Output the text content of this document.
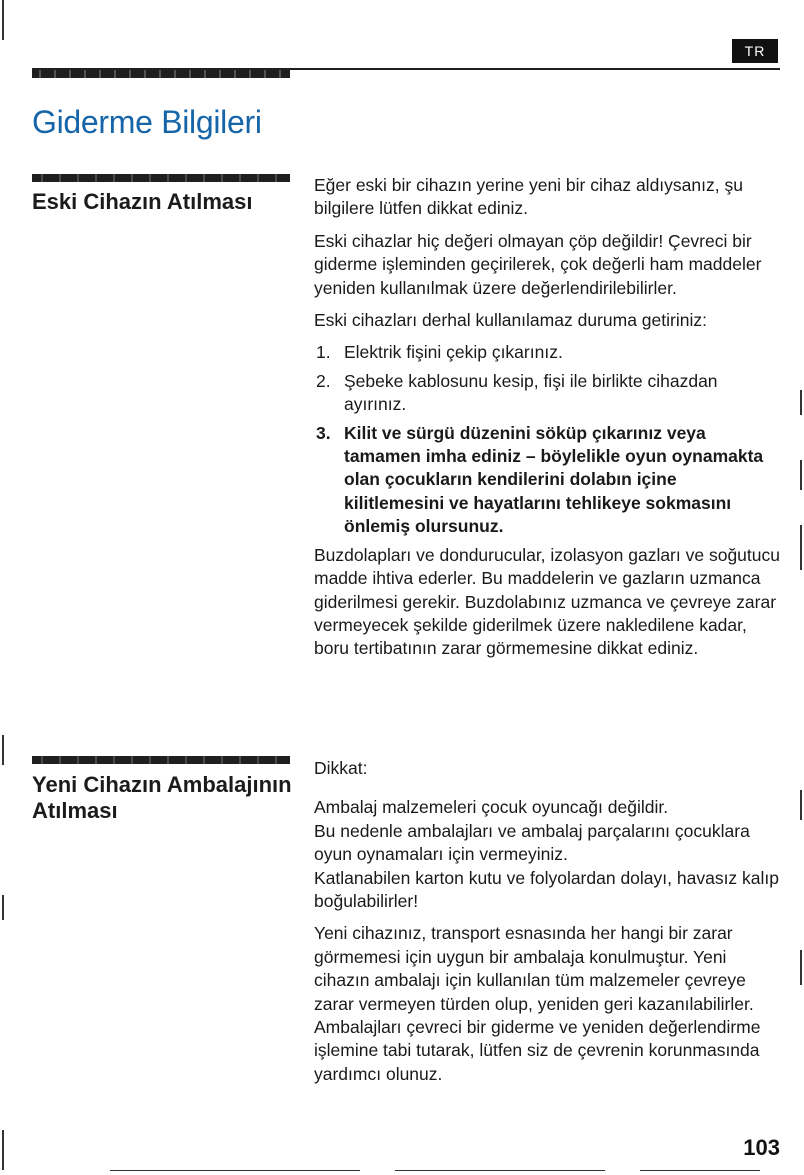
TR
Giderme Bilgileri
Eski Cihazın Atılması

Eğer eski bir cihazın yerine yeni bir cihaz aldıysanız, şu bilgilere lütfen dikkat ediniz.

Eski cihazlar hiç değeri olmayan çöp değildir! Çevreci bir giderme işleminden geçirilerek, çok değerli ham maddeler yeniden kullanılmak üzere değerlendirilebilirler.

Eski cihazları derhal kullanılamaz duruma getiriniz:

1. Elektrik fişini çekip çıkarınız.
2. Şebeke kablosunu kesip, fişi ile birlikte cihazdan ayırınız.
3. Kilit ve sürgü düzenini söküp çıkarınız veya tamamen imha ediniz – böylelikle oyun oynamakta olan çocukların kendilerini dolabın içine kilitlemesini ve hayatlarını tehlikeye sokmasını önlemiş olursunuz.

Buzdolapları ve dondurucular, izolasyon gazları ve soğutucu madde ihtiva ederler. Bu maddelerin ve gazların uzmanca giderilmesi gerekir. Buzdolabınız uzmanca ve çevreye zarar vermeyecek şekilde giderilmek üzere nakledilene kadar, boru tertibatının zarar görmemesine dikkat ediniz.

Yeni Cihazın Ambalajının Atılması

Dikkat:

Ambalaj malzemeleri çocuk oyuncağı değildir.
Bu nedenle ambalajları ve ambalaj parçalarını çocuklara oyun oynamaları için vermeyiniz.
Katlanabilen karton kutu ve folyolardan dolayı, havasız kalıp boğulabilirler!

Yeni cihazınız, transport esnasında her hangi bir zarar görmemesi için uygun bir ambalaja konulmuştur. Yeni cihazın ambalajı için kullanılan tüm malzemeler çevreye zarar vermeyen türden olup, yeniden geri kazanılabilirler. Ambalajları çevreci bir giderme ve yeniden değerlendirme işlemine tabi tutarak, lütfen siz de çevrenin korunmasında yardımcı olunuz.

103
